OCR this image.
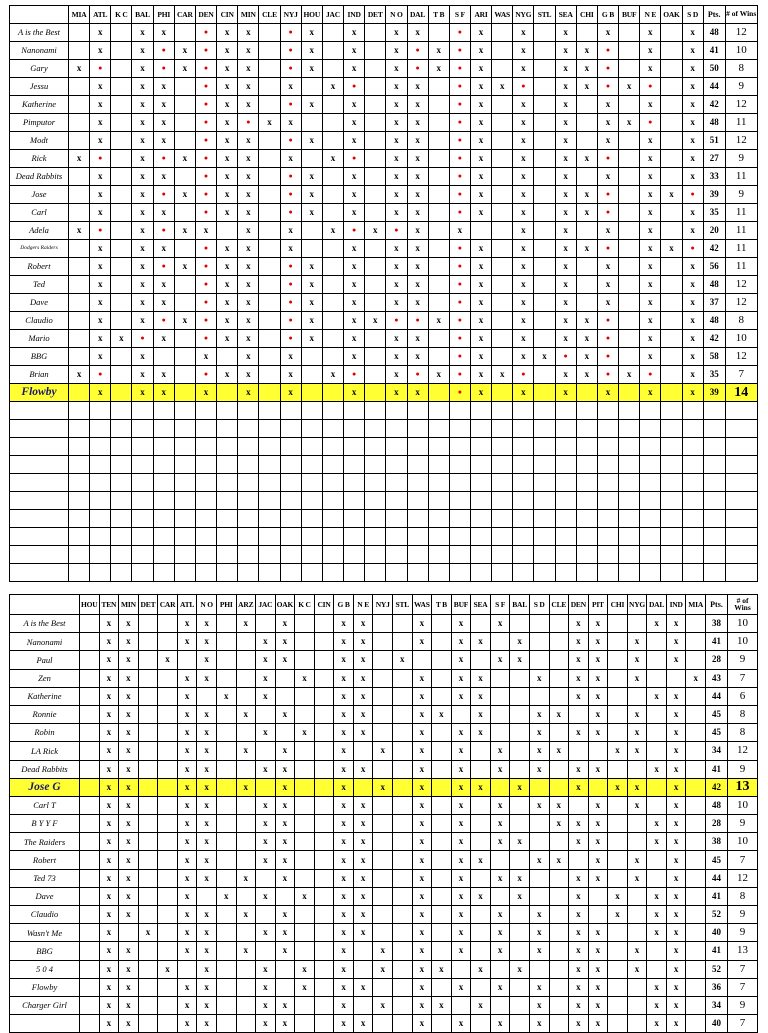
	MIA	ATL	K C	BAL	PHI	CAR	DEN	CIN	MIN	CLE	NYJ	HOU	JAC	IND	DET	N O	DAL	T B	S F	ARI	WAS	NYG	STL	SEA	CHI	G B	BUF	N E	OAK	S D	Pts.	# of Wins
A is the Best		x		x	x		●	x	x		●	x		x		x	x		●	x		x		x		x		x		x	48	12
Nanonami		x		x	●	x	●	x	x		●	x		x		x	●	x	●	x		x		x	x	●		x		x	41	10
Gary	x	●		x	●	x	●	x	x		●	x		x		x	●	x	●	x		x		x	x	●		x		x	50	8
Jessu		x		x	x		●	x	x		x		x	●		x	x		●	x	x	●		x	x	●	x	●		x	44	9
Katherine		x		x	x		●	x	x		●	x		x		x	x		●	x		x		x		x		x		x	42	12
Pimputor		x		x	x		●	x	●	x	x			x		x	x		●	x		x		x		x	x	●		x	48	11
Modt		x		x	x		●	x	x		●	x		x		x	x		●	x		x		x		x		x		x	51	12
Rick	x	●		x	●	x	●	x	x		x		x	●		x	x		●	x		x		x	x	●		x		x	27	9
Dead Rabbits		x		x	x		●	x	x		●	x		x		x	x		●	x		x		x		x		x		x	33	11
Jose		x		x	●	x	●	x	x		●	x		x		x	x		●	x		x		x	x	●		x	x	●	39	9
Carl		x		x	x		●	x	x		●	x		x		x	x		●	x		x		x	x	●		x		x	35	11
Adela	x	●		x	●	x	x		x		x		x	●	x	●	x		x			x		x		x		x		x	20	11
Dodgers Raiders		x		x	x		●	x	x		x			x		x	x		●	x		x		x	x	●		x	x	●	42	11
Robert		x		x	●	x	●	x	x		●	x		x		x	x		●	x		x		x		x		x		x	56	11
Ted		x		x	x		●	x	x		●	x		x		x	x		●	x		x		x		x		x		x	48	12
Dave		x		x	x		●	x	x		●	x		x		x	x		●	x		x		x		x		x		x	37	12
Claudio		x		x	●	x	●	x	x		●	x		x	x	●	●	x	●	x		x		x	x	●		x		x	48	8
Mario		x	x	●	x		●	x	x		●	x		x		x	x		●	x		x		x	x	●		x		x	42	10
BBG		x		x			x		x		x			x		x	x		●	x		x	x	●	x	●		x		x	58	12
Brian	x	●		x	x		●	x	x		x		x	●		x	●	x	●	x	x	●		x	x	●	x	●		x	35	7
Flowby		x		x	x		x		x		x			x		x	x		●	x		x		x		x		x		x	39	14

	HOU	TEN	MIN	DET	CAR	ATL	N O	PHI	ARZ	JAC	OAK	K C	CIN	G B	N E	NYJ	STL	WAS	T B	BUF	SEA	S F	BAL	S D	CLE	DEN	PIT	CHI	NYG	DAL	IND	MIA	Pts.	# of Wins
A is the Best		x	x			x	x		x		x			x	x			x		x		x				x	x			x	x		38	10
Nanonami		x	x			x	x			x	x			x	x			x		x	x		x			x	x		x		x		41	10
Paul		x	x		x		x			x	x			x	x		x			x		x	x			x	x		x		x		28	9
Zen		x	x			x	x			x		x		x	x			x		x	x			x		x	x		x			x	43	7
Katherine		x	x			x		x		x				x	x			x		x	x					x	x			x	x		44	6
Ronnie		x	x			x	x		x		x			x	x			x	x		x			x	x		x		x		x		45	8
Robin		x	x			x	x			x		x		x	x			x		x	x			x		x	x		x		x		45	8
LA Rick		x	x			x	x		x		x			x		x		x		x		x		x	x			x	x		x		34	12
Dead Rabbits		x	x			x	x			x	x			x	x			x		x		x		x		x	x			x	x		41	9
Jose G		x	x			x	x		x		x			x		x		x		x	x		x			x		x	x		x		42	13
Carl T		x	x			x	x			x	x			x	x			x		x		x		x	x		x		x		x		48	10
B Y Y F		x	x			x	x			x	x			x	x			x		x		x			x	x	x			x	x		28	9
The Raiders		x	x			x	x			x	x			x	x			x		x		x	x			x	x			x	x		38	10
Robert		x	x			x	x			x	x			x	x			x		x	x			x	x		x		x		x		45	7
Ted 73		x	x			x	x		x		x			x	x			x		x		x	x			x	x		x		x		44	12
Dave		x	x			x		x		x		x		x	x			x		x	x		x			x		x		x	x		41	8
Claudio		x	x			x	x		x		x			x	x			x		x		x		x		x		x		x	x		52	9
Wasn't Me		x		x		x	x			x	x			x	x			x		x		x		x		x	x			x	x		40	9
BBG		x	x			x	x		x		x			x		x		x		x		x		x		x	x		x		x		41	13
5 0 4		x	x		x		x			x		x		x		x		x	x		x		x			x	x		x		x		52	7
Flowby		x	x			x	x			x		x		x	x			x		x		x		x		x	x			x	x		36	7
Charger Girl		x	x			x	x			x	x			x		x		x	x		x			x		x	x			x	x		34	9
		x	x			x	x			x	x			x	x			x		x		x		x		x	x			x	x		40	7
